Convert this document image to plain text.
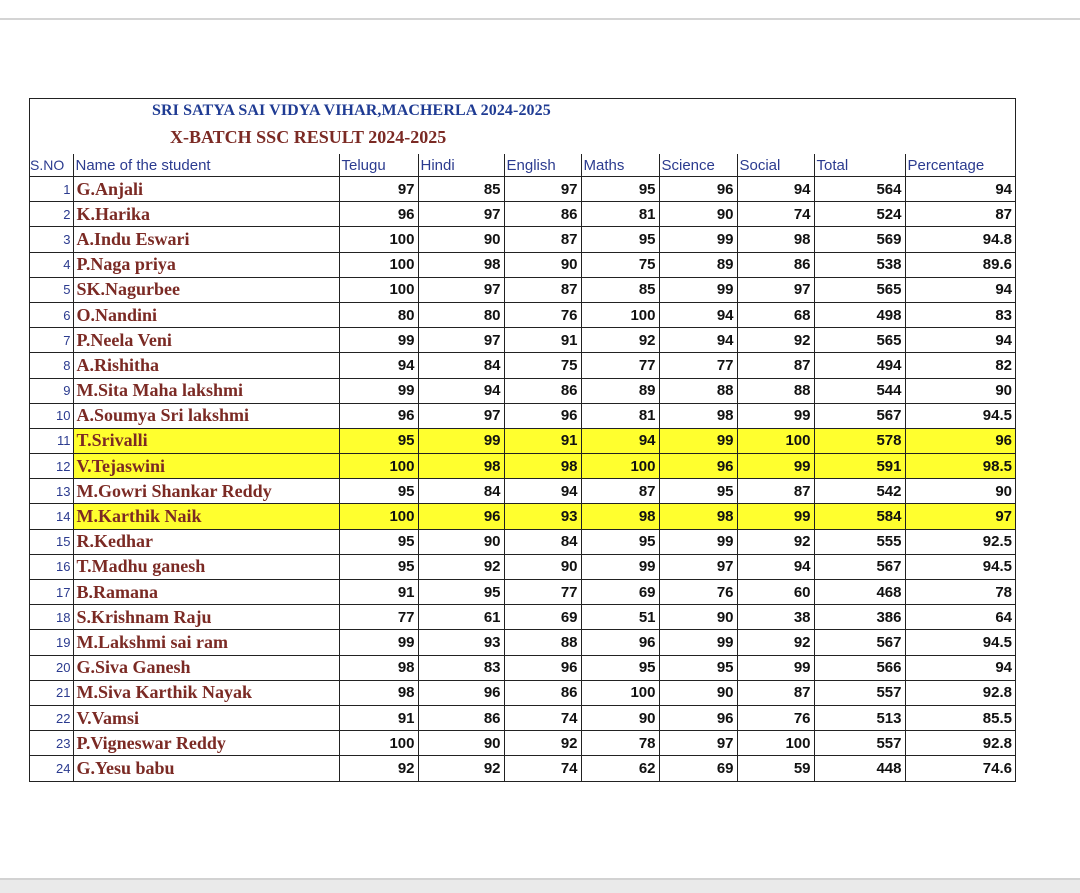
SRI SATYA SAI VIDYA VIHAR,MACHERLA 2024-2025
X-BATCH SSC RESULT 2024-2025
S.NO	Name of the student	Telugu	Hindi	English	Maths	Science	Social	Total	Percentage
1	G.Anjali	97	85	97	95	96	94	564	94
2	K.Harika	96	97	86	81	90	74	524	87
3	A.Indu Eswari	100	90	87	95	99	98	569	94.8
4	P.Naga priya	100	98	90	75	89	86	538	89.6
5	SK.Nagurbee	100	97	87	85	99	97	565	94
6	O.Nandini	80	80	76	100	94	68	498	83
7	P.Neela Veni	99	97	91	92	94	92	565	94
8	A.Rishitha	94	84	75	77	77	87	494	82
9	M.Sita Maha lakshmi	99	94	86	89	88	88	544	90
10	A.Soumya Sri lakshmi	96	97	96	81	98	99	567	94.5
11	T.Srivalli	95	99	91	94	99	100	578	96
12	V.Tejaswini	100	98	98	100	96	99	591	98.5
13	M.Gowri Shankar Reddy	95	84	94	87	95	87	542	90
14	M.Karthik Naik	100	96	93	98	98	99	584	97
15	R.Kedhar	95	90	84	95	99	92	555	92.5
16	T.Madhu ganesh	95	92	90	99	97	94	567	94.5
17	B.Ramana	91	95	77	69	76	60	468	78
18	S.Krishnam Raju	77	61	69	51	90	38	386	64
19	M.Lakshmi sai ram	99	93	88	96	99	92	567	94.5
20	G.Siva Ganesh	98	83	96	95	95	99	566	94
21	M.Siva Karthik Nayak	98	96	86	100	90	87	557	92.8
22	V.Vamsi	91	86	74	90	96	76	513	85.5
23	P.Vigneswar Reddy	100	90	92	78	97	100	557	92.8
24	G.Yesu babu	92	92	74	62	69	59	448	74.6
